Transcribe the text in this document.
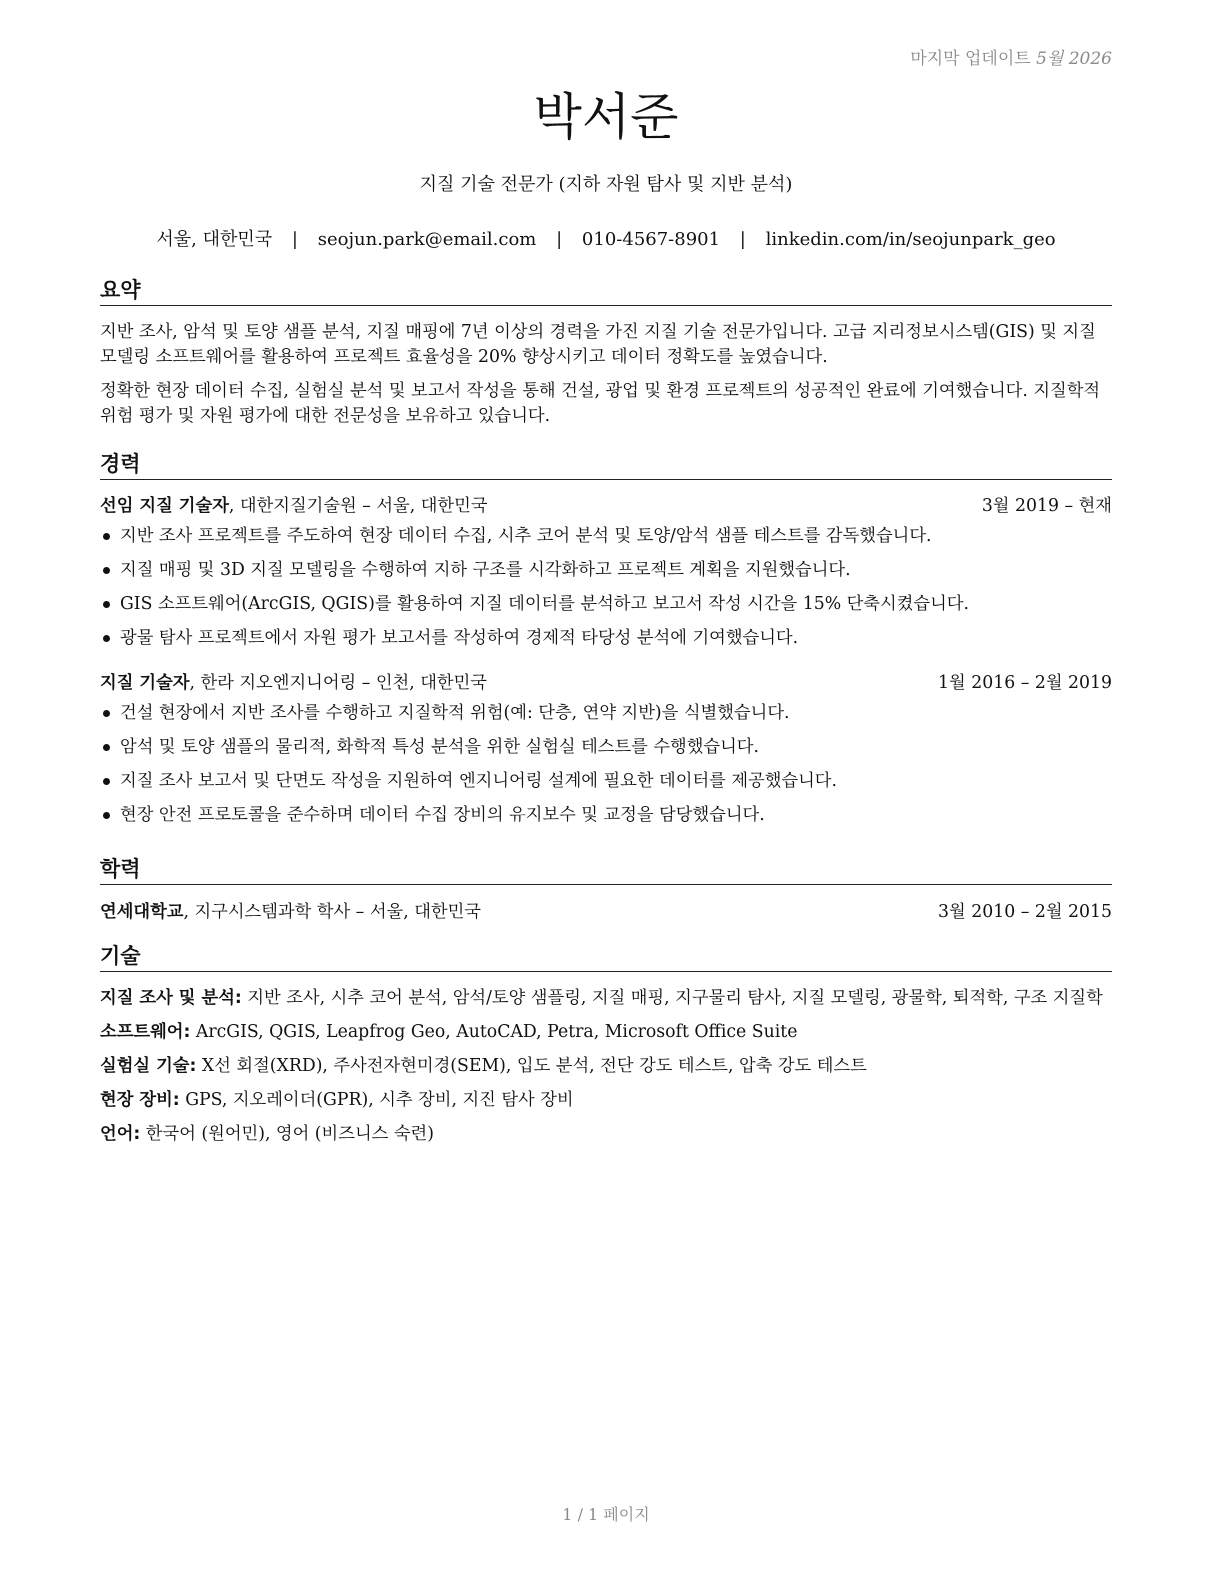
마지막 업데이트 5월 2026
박서준
지질 기술 전문가 (지하 자원 탐사 및 지반 분석)
서울, 대한민국 | seojun.park@email.com | 010-4567-8901 | linkedin.com/in/seojunpark_geo
요약

지반 조사, 암석 및 토양 샘플 분석, 지질 매핑에 7년 이상의 경력을 가진 지질 기술 전문가입니다. 고급 지리정보시스템(GIS) 및 지질 모델링 소프트웨어를 활용하여 프로젝트 효율성을 20% 향상시키고 데이터 정확도를 높였습니다.

정확한 현장 데이터 수집, 실험실 분석 및 보고서 작성을 통해 건설, 광업 및 환경 프로젝트의 성공적인 완료에 기여했습니다. 지질학적 위험 평가 및 자원 평가에 대한 전문성을 보유하고 있습니다.

경력
선임 지질 기술자, 대한지질기술원 – 서울, 대한민국	3월 2019 – 현재
지반 조사 프로젝트를 주도하여 현장 데이터 수집, 시추 코어 분석 및 토양/암석 샘플 테스트를 감독했습니다.
지질 매핑 및 3D 지질 모델링을 수행하여 지하 구조를 시각화하고 프로젝트 계획을 지원했습니다.
GIS 소프트웨어(ArcGIS, QGIS)를 활용하여 지질 데이터를 분석하고 보고서 작성 시간을 15% 단축시켰습니다.
광물 탐사 프로젝트에서 자원 평가 보고서를 작성하여 경제적 타당성 분석에 기여했습니다.
지질 기술자, 한라 지오엔지니어링 – 인천, 대한민국	1월 2016 – 2월 2019
건설 현장에서 지반 조사를 수행하고 지질학적 위험(예: 단층, 연약 지반)을 식별했습니다.
암석 및 토양 샘플의 물리적, 화학적 특성 분석을 위한 실험실 테스트를 수행했습니다.
지질 조사 보고서 및 단면도 작성을 지원하여 엔지니어링 설계에 필요한 데이터를 제공했습니다.
현장 안전 프로토콜을 준수하며 데이터 수집 장비의 유지보수 및 교정을 담당했습니다.
학력
연세대학교, 지구시스템과학 학사 – 서울, 대한민국	3월 2010 – 2월 2015
기술

지질 조사 및 분석: 지반 조사, 시추 코어 분석, 암석/토양 샘플링, 지질 매핑, 지구물리 탐사, 지질 모델링, 광물학, 퇴적학, 구조 지질학

소프트웨어: ArcGIS, QGIS, Leapfrog Geo, AutoCAD, Petra, Microsoft Office Suite

실험실 기술: X선 회절(XRD), 주사전자현미경(SEM), 입도 분석, 전단 강도 테스트, 압축 강도 테스트

현장 장비: GPS, 지오레이더(GPR), 시추 장비, 지진 탐사 장비

언어: 한국어 (원어민), 영어 (비즈니스 숙련)

1 / 1 페이지
